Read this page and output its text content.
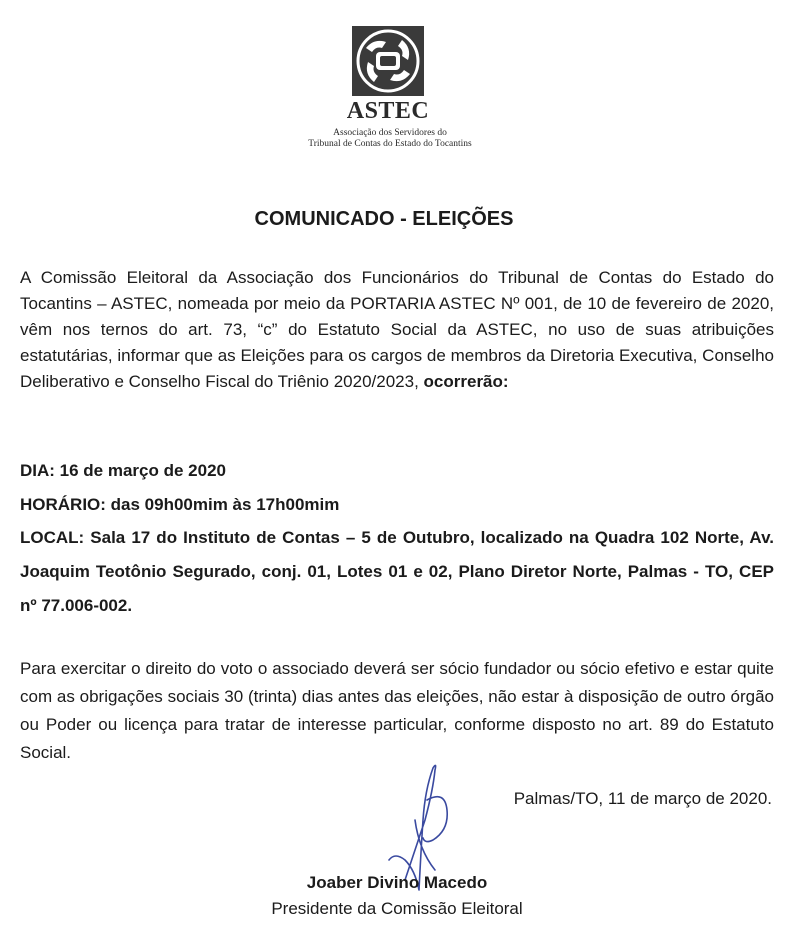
ASTEC
Associação dos Servidores do
Tribunal de Contas do Estado do Tocantins
COMUNICADO - ELEIÇÕES

A Comissão Eleitoral da Associação dos Funcionários do Tribunal de Contas do Estado do Tocantins – ASTEC, nomeada por meio da PORTARIA ASTEC Nº 001, de 10 de fevereiro de 2020, vêm nos ternos do art. 73, “c” do Estatuto Social da ASTEC, no uso de suas atribuições estatutárias, informar que as Eleições para os cargos de membros da Diretoria Executiva, Conselho Deliberativo e Conselho Fiscal do Triênio 2020/2023, ocorrerão:

DIA: 16 de março de 2020

HORÁRIO: das 09h00mim às 17h00mim

LOCAL: Sala 17 do Instituto de Contas – 5 de Outubro, localizado na Quadra 102 Norte, Av. Joaquim Teotônio Segurado, conj. 01, Lotes 01 e 02, Plano Diretor Norte, Palmas - TO, CEP nº 77.006-002.

Para exercitar o direito do voto o associado deverá ser sócio fundador ou sócio efetivo e estar quite com as obrigações sociais 30 (trinta) dias antes das eleições, não estar à disposição de outro órgão ou Poder ou licença para tratar de interesse particular, conforme disposto no art. 89 do Estatuto Social.

Palmas/TO, 11 de março de 2020.
Joaber Divino Macedo
Presidente da Comissão Eleitoral
